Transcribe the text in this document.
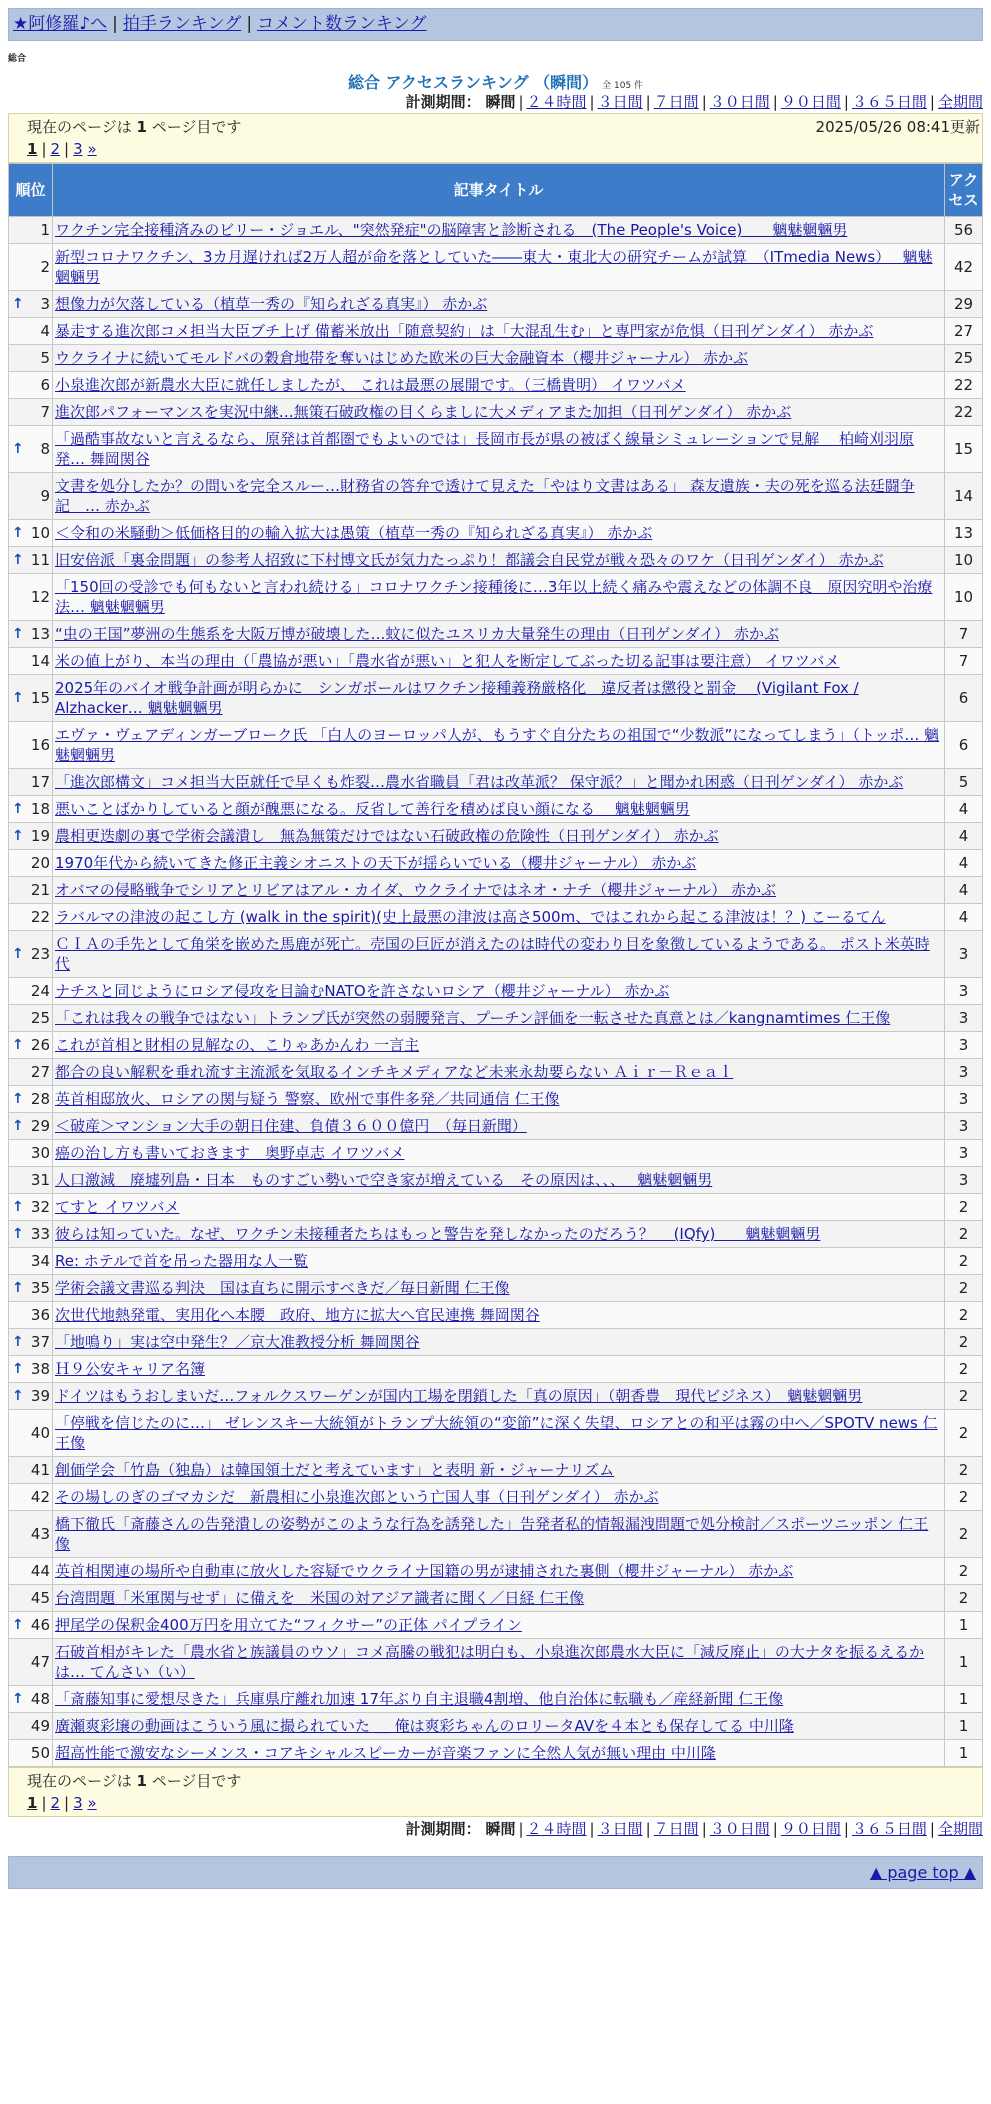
★阿修羅♪へ | 拍手ランキング | コメント数ランキング
総合
総合 アクセスランキング （瞬間） 全 105 件
計測期間： 瞬間 | ２４時間 | ３日間 | ７日間 | ３０日間 | ９０日間 | ３６５日間 | 全期間
現在のページは 1 ページ目です	2025/05/26 08:41更新
1 | 2 | 3 »
順位	記事タイトル	アクセス
1	ワクチン完全接種済みのビリー・ジョエル、"突然発症"の脳障害と診断される　(The People's Voice)　　魑魅魍魎男	56
2	新型コロナワクチン、3カ月遅ければ2万人超が命を落としていた――東大・東北大の研究チームが試算　（ITmedia News）　 魑魅魍魎男	42

↑ 3	想像力が欠落している（植草一秀の『知られざる真実』） 赤かぶ	29
4	暴走する進次郎コメ担当大臣ブチ上げ 備蓄米放出「随意契約」は「大混乱生む」と専門家が危惧（日刊ゲンダイ） 赤かぶ	27
5	ウクライナに続いてモルドバの穀倉地帯を奪いはじめた欧米の巨大金融資本（櫻井ジャーナル） 赤かぶ	25
6	小泉進次郎が新農水大臣に就任しましたが、 これは最悪の展開です。（三橋貴明） イワツバメ	22
7	進次郎パフォーマンスを実況中継…無策石破政権の目くらましに大メディアまた加担（日刊ゲンダイ） 赤かぶ	22

↑ 8	「過酷事故ないと言えるなら、原発は首都圏でもよいのでは」長岡市長が県の被ばく線量シミュレーションで見解　 柏崎刈羽原発… 舞岡関谷	15
9	文書を処分したか？の問いを完全スルー…財務省の答弁で透けて見えた「やはり文書はある」 森友遺族・夫の死を巡る法廷闘争記　… 赤かぶ	14

↑ 10	＜令和の米騒動＞低価格目的の輸入拡大は愚策（植草一秀の『知られざる真実』） 赤かぶ	13

↑ 11	旧安倍派「裏金問題」の参考人招致に下村博文氏が気力たっぷり！都議会自民党が戦々恐々のワケ（日刊ゲンダイ） 赤かぶ	10
12	「150回の受診でも何もないと言われ続ける」コロナワクチン接種後に…3年以上続く痛みや震えなどの体調不良　原因究明や治療法… 魑魅魍魎男	10

↑ 13	“虫の王国”夢洲の生態系を大阪万博が破壊した…蚊に似たユスリカ大量発生の理由（日刊ゲンダイ） 赤かぶ	7
14	米の値上がり、本当の理由（「農協が悪い」「農水省が悪い」と犯人を断定してぶった切る記事は要注意） イワツバメ	7

↑ 15	2025年のバイオ戦争計画が明らかに　シンガポールはワクチン接種義務厳格化　違反者は懲役と罰金　 (Vigilant Fox / Alzhacker… 魑魅魍魎男	6
16	エヴァ・ヴェアディンガーブローク氏 「白人のヨーロッパ人が、もうすぐ自分たちの祖国で“少数派”になってしまう」（トッポ… 魑魅魍魎男	6
17	「進次郎構文」コメ担当大臣就任で早くも炸裂…農水省職員「君は改革派？ 保守派？」と聞かれ困惑（日刊ゲンダイ） 赤かぶ	5

↑ 18	悪いことばかりしていると顔が醜悪になる。反省して善行を積めば良い顔になる　 魑魅魍魎男	4

↑ 19	農相更迭劇の裏で学術会議潰し　無為無策だけではない石破政権の危険性（日刊ゲンダイ） 赤かぶ	4
20	1970年代から続いてきた修正主義シオニストの天下が揺らいでいる（櫻井ジャーナル） 赤かぶ	4
21	オバマの侵略戦争でシリアとリビアはアル・カイダ、ウクライナではネオ・ナチ（櫻井ジャーナル） 赤かぶ	4
22	ラバルマの津波の起こし方 (walk in the spirit)(史上最悪の津波は高さ500m、ではこれから起こる津波は！？) こーるてん	4

↑ 23	ＣＩＡの手先として角栄を嵌めた馬鹿が死亡。売国の巨匠が消えたのは時代の変わり目を象徴しているようである。 ポスト米英時代	3
24	ナチスと同じようにロシア侵攻を目論むNATOを許さないロシア（櫻井ジャーナル） 赤かぶ	3
25	「これは我々の戦争ではない」トランプ氏が突然の弱腰発言、プーチン評価を一転させた真意とは／kangnamtimes 仁王像	3

↑ 26	これが首相と財相の見解なの、こりゃあかんわ 一言主	3
27	都合の良い解釈を垂れ流す主流派を気取るインチキメディアなど未来永劫要らない Ａｉｒ－Ｒｅａｌ	3

↑ 28	英首相邸放火、ロシアの関与疑う 警察、欧州で事件多発／共同通信 仁王像	3

↑ 29	＜破産＞マンション大手の朝日住建、負債３６００億円　（毎日新聞）	3
30	癌の治し方も書いておきます　奥野卓志 イワツバメ	3
31	人口激減　廃墟列島・日本　ものすごい勢いで空き家が増えている　その原因は、、、　 魑魅魍魎男	3

↑ 32	てすと イワツバメ	2

↑ 33	彼らは知っていた。なぜ、ワクチン未接種者たちはもっと警告を発しなかったのだろう？　 (IQfy)　　魑魅魍魎男	2
34	Re: ホテルで首を吊った器用な人一覧	2

↑ 35	学術会議文書巡る判決　国は直ちに開示すべきだ／毎日新聞 仁王像	2
36	次世代地熱発電、実用化へ本腰　政府、地方に拡大へ官民連携 舞岡関谷	2

↑ 37	「地鳴り」実は空中発生？／京大准教授分析 舞岡関谷	2

↑ 38	Ｈ９公安キャリア名簿	2

↑ 39	ドイツはもうおしまいだ…フォルクスワーゲンが国内工場を閉鎖した「真の原因」（朝香豊　現代ビジネス）　魑魅魍魎男	2
40	「停戦を信じたのに…」 ゼレンスキー大統領がトランプ大統領の“変節”に深く失望、ロシアとの和平は霧の中へ／SPOTV news 仁王像	2
41	創価学会「竹島（独島）は韓国領土だと考えています」と表明 新・ジャーナリズム	2
42	その場しのぎのゴマカシだ　新農相に小泉進次郎という亡国人事（日刊ゲンダイ） 赤かぶ	2
43	橋下徹氏「斎藤さんの告発潰しの姿勢がこのような行為を誘発した」告発者私的情報漏洩問題で処分検討／スポーツニッポン 仁王像	2
44	英首相関連の場所や自動車に放火した容疑でウクライナ国籍の男が逮捕された裏側（櫻井ジャーナル） 赤かぶ	2
45	台湾問題「米軍関与せず」に備えを　米国の対アジア識者に聞く／日経 仁王像	2

↑ 46	押尾学の保釈金400万円を用立てた“フィクサー”の正体 パイプライン	1
47	石破首相がキレた「農水省と族議員のウソ」コメ高騰の戦犯は明白も、小泉進次郎農水大臣に「減反廃止」の大ナタを振るえるかは… てんさい（い）	1

↑ 48	「斎藤知事に愛想尽きた」兵庫県庁離れ加速 17年ぶり自主退職4割増、他自治体に転職も／産経新聞 仁王像	1
49	廣瀬爽彩壌の動画はこういう風に撮られていた ＿ 俺は爽彩ちゃんのロリータAVを４本とも保存してる 中川隆	1
50	超高性能で激安なシーメンス・コアキシャルスピーカーが音楽ファンに全然人気が無い理由 中川隆	1
現在のページは 1 ページ目です
1 | 2 | 3 »
計測期間： 瞬間 | ２４時間 | ３日間 | ７日間 | ３０日間 | ９０日間 | ３６５日間 | 全期間
▲ page top ▲
